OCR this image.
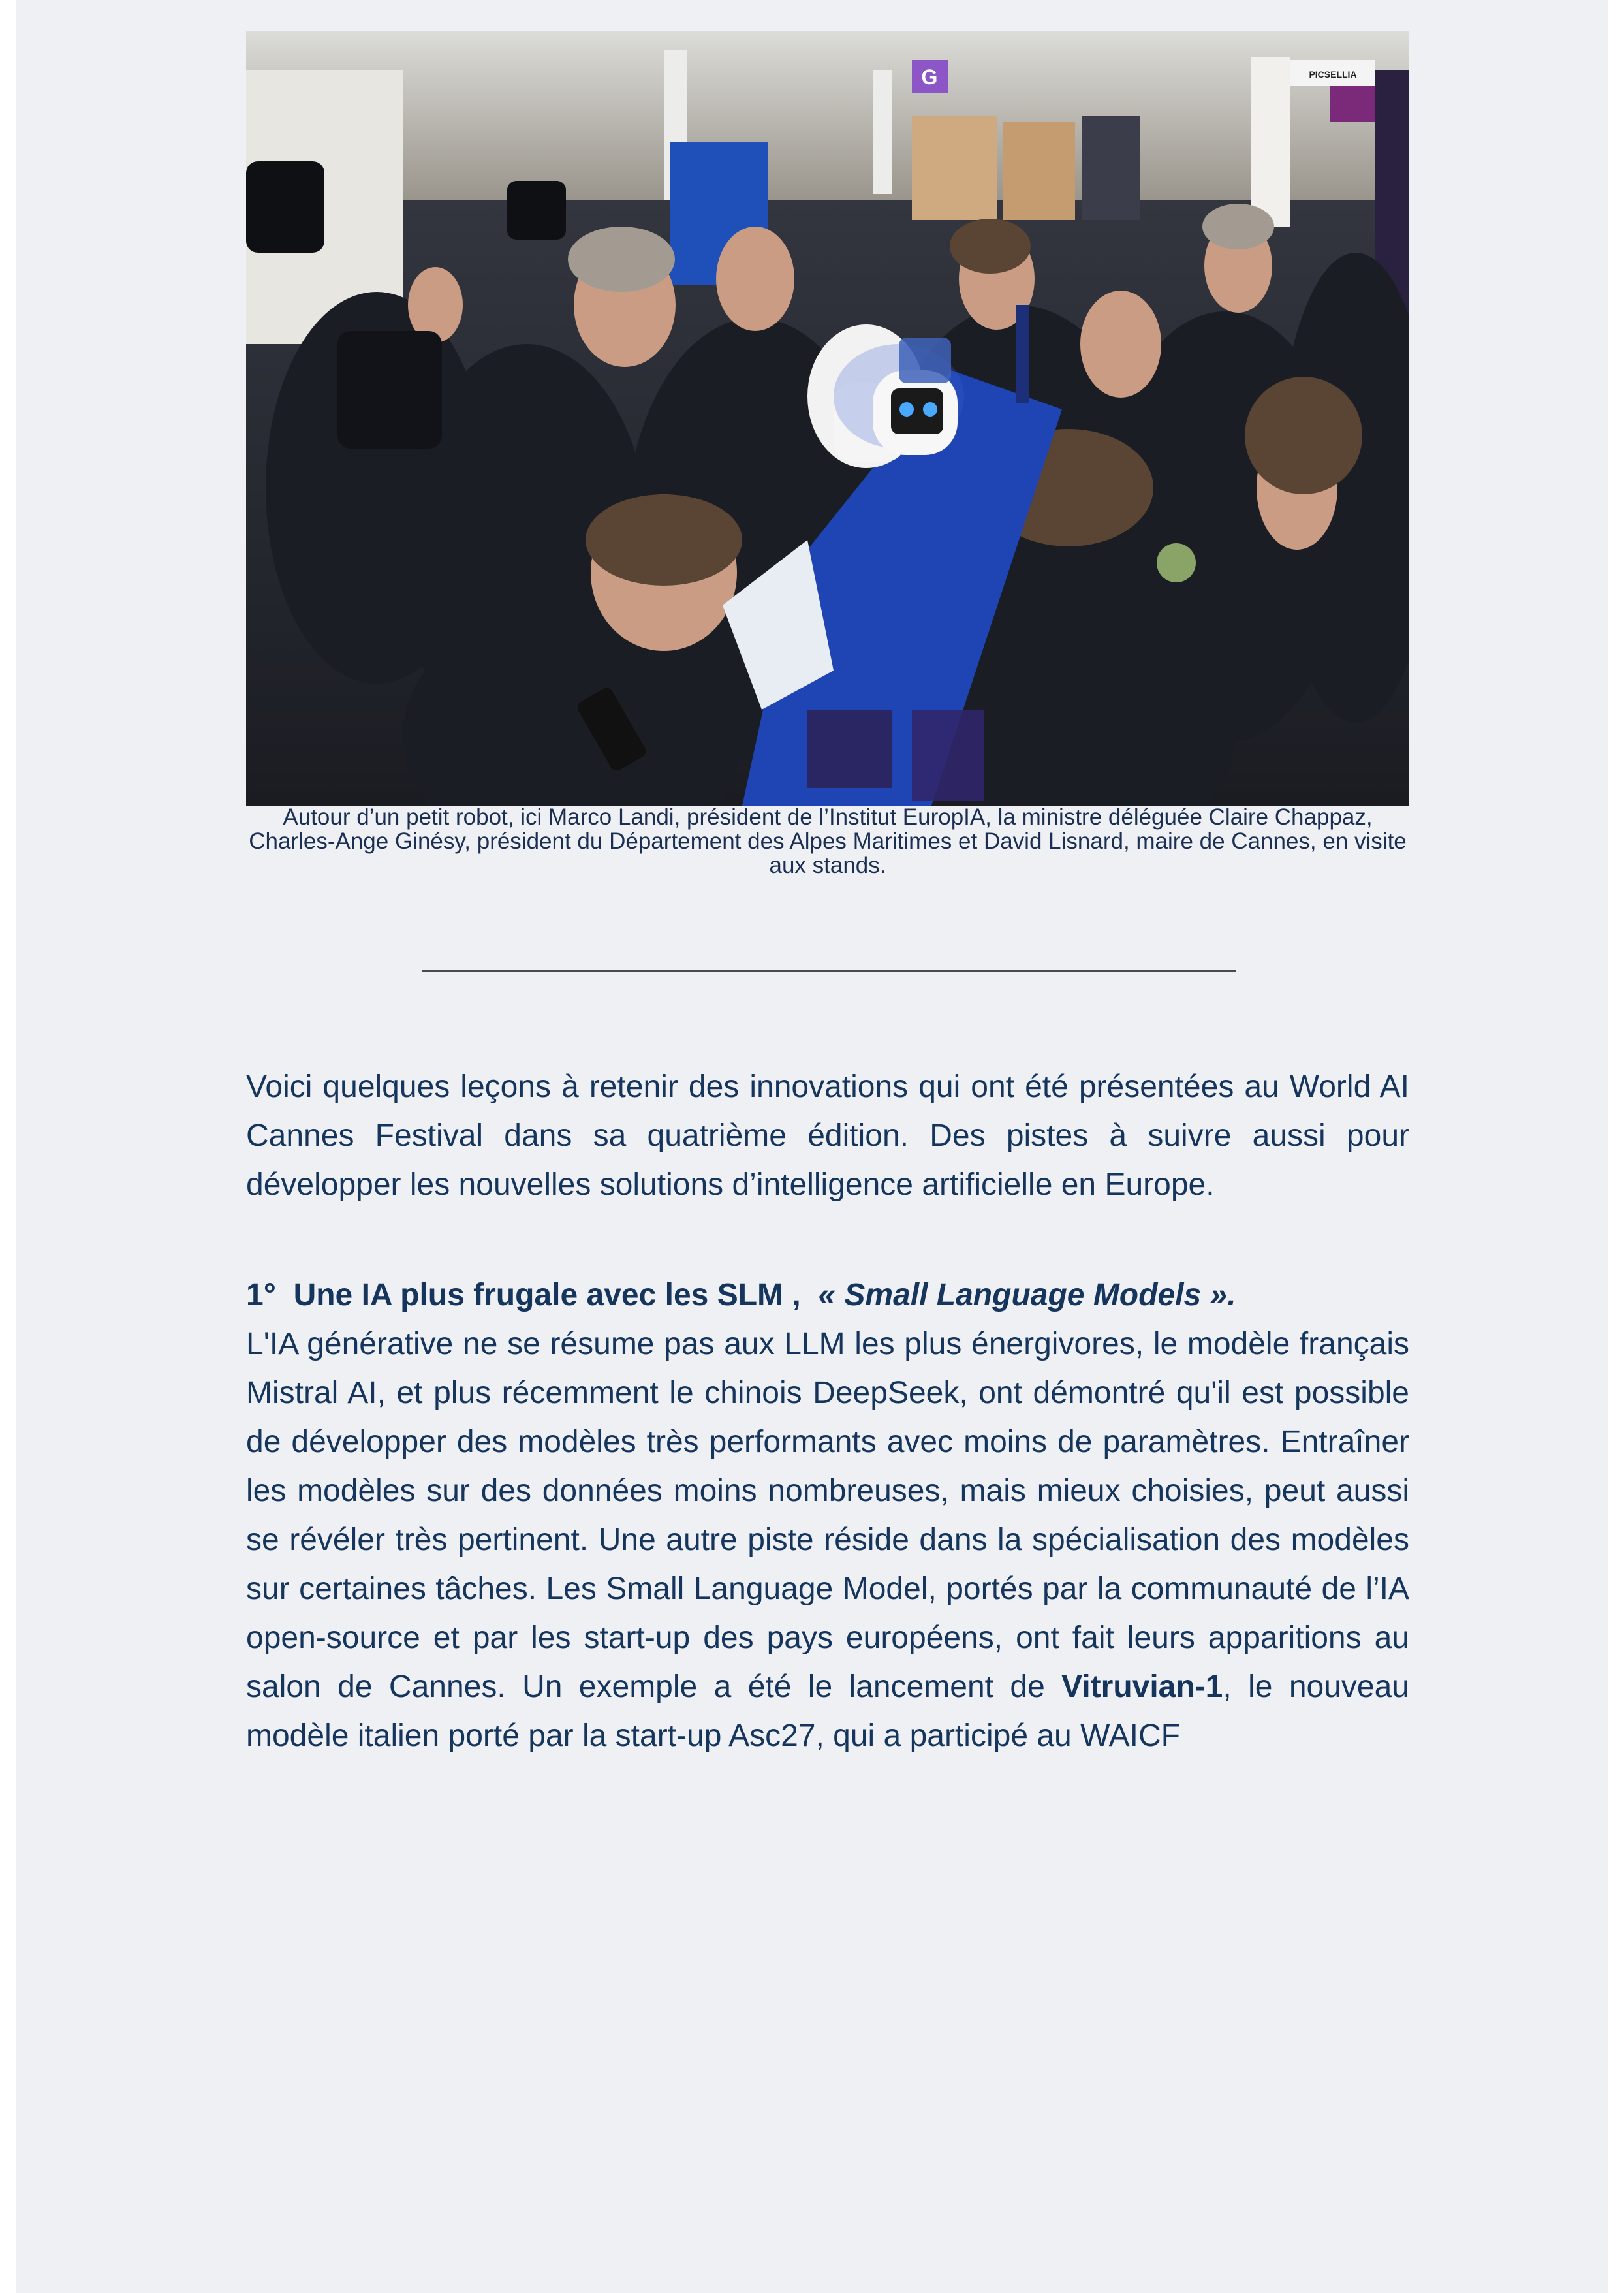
G	PICSELLIA
Autour d’un petit robot, ici Marco Landi, président de l’Institut EuropIA, la ministre déléguée Claire Chappaz, Charles-Ange Ginésy, président du Département des Alpes Maritimes et David Lisnard, maire de Cannes, en visite aux stands.

Voici quelques leçons à retenir des innovations qui ont été présentées au World AI Cannes Festival dans sa quatrième édition. Des pistes à suivre aussi pour développer les nouvelles solutions d’intelligence artificielle en Europe.

1° Une IA plus frugale avec les SLM , « Small Language Models ».

L'IA générative ne se résume pas aux LLM les plus énergivores, le modèle français Mistral AI, et plus récemment le chinois DeepSeek, ont démontré qu'il est possible de développer des modèles très performants avec moins de paramètres. Entraîner les modèles sur des données moins nombreuses, mais mieux choisies, peut aussi se révéler très pertinent. Une autre piste réside dans la spécialisation des modèles sur certaines tâches. Les Small Language Model, portés par la communauté de l’IA open-source et par les start-up des pays européens, ont fait leurs apparitions au salon de Cannes. Un exemple a été le lancement de Vitruvian-1, le nouveau modèle italien porté par la start-up Asc27, qui a participé au WAICF
